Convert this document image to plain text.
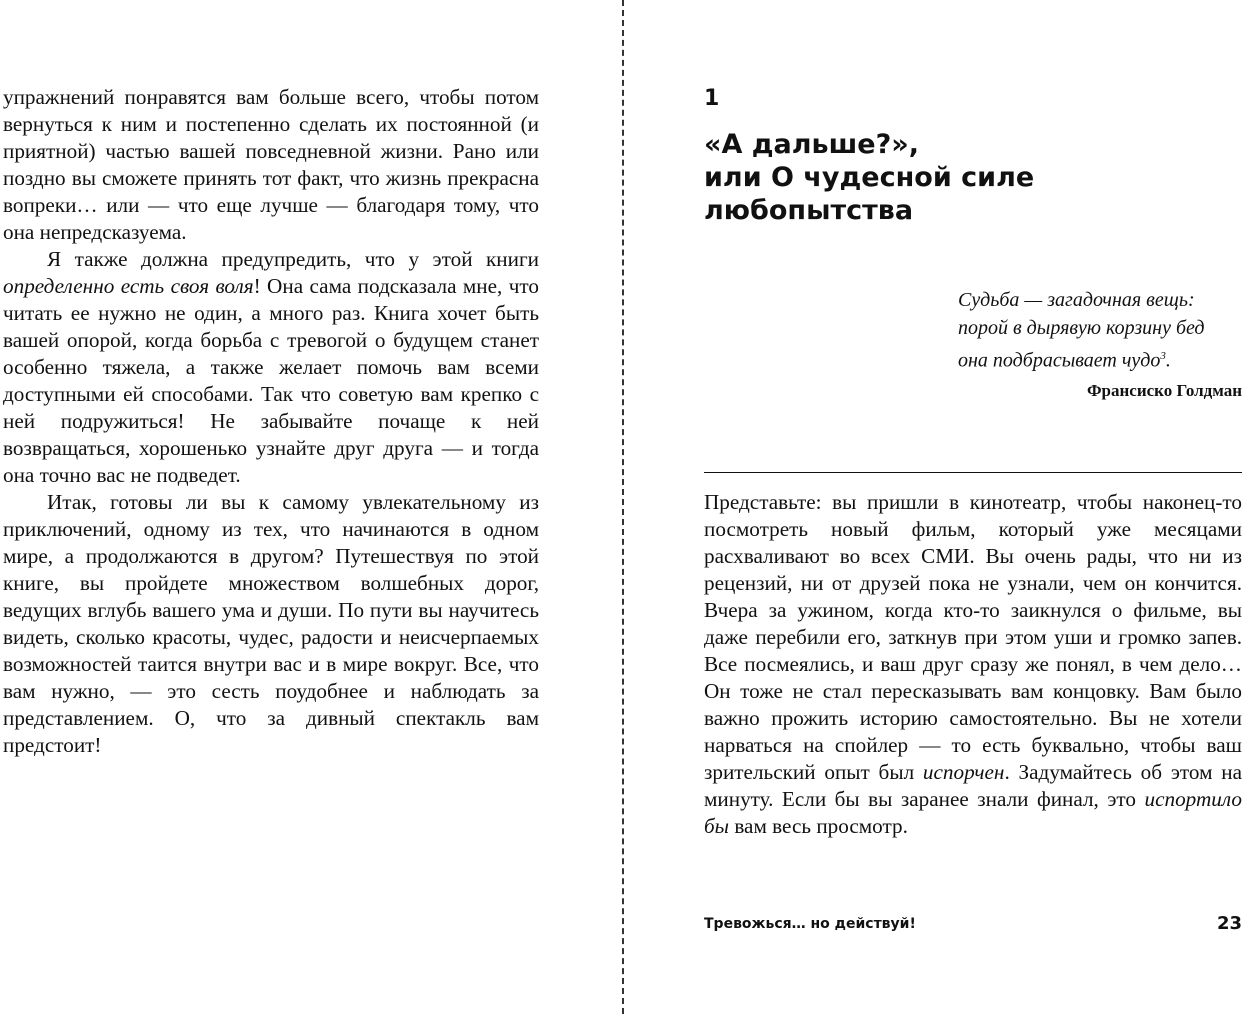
упражнений понравятся вам больше всего, чтобы потом вернуться к ним и постепенно сделать их постоянной (и приятной) частью вашей повседневной жизни. Рано или поздно вы сможете принять тот факт, что жизнь прекрасна вопреки… или — что еще лучше — благодаря тому, что она непредсказуема.

Я также должна предупредить, что у этой книги определенно есть своя воля! Она сама подсказала мне, что читать ее нужно не один, а много раз. Книга хочет быть вашей опорой, когда борьба с тревогой о будущем станет особенно тяжела, а также желает помочь вам всеми доступными ей способами. Так что советую вам крепко с ней подружиться! Не забывайте почаще к ней возвращаться, хорошенько узнайте друг друга — и тогда она точно вас не подведет.

Итак, готовы ли вы к самому увлекательному из приключений, одному из тех, что начинаются в одном мире, а продолжаются в другом? Путешествуя по этой книге, вы пройдете множеством волшебных дорог, ведущих вглубь вашего ума и души. По пути вы научитесь видеть, сколько красоты, чудес, радости и неисчерпаемых возможностей таится внутри вас и в мире вокруг. Все, что вам нужно, — это сесть поудобнее и наблюдать за представлением. О, что за дивный спектакль вам предстоит!

1
«А дальше?»,
или О чудесной силе
любопытства

Судьба — загадочная вещь:
порой в дырявую корзину бед
она подбрасывает чудо$^3$.

Франсиско Голдман

Представьте: вы пришли в кинотеатр, чтобы наконец-то посмотреть новый фильм, который уже месяцами расхваливают во всех СМИ. Вы очень рады, что ни из рецензий, ни от друзей пока не узнали, чем он кончится. Вчера за ужином, когда кто-то заикнулся о фильме, вы даже перебили его, заткнув при этом уши и громко запев. Все посмеялись, и ваш друг сразу же понял, в чем дело… Он тоже не стал пересказывать вам концовку. Вам было важно прожить историю самостоятельно. Вы не хотели нарваться на спойлер — то есть буквально, чтобы ваш зрительский опыт был испорчен. Задумайтесь об этом на минуту. Если бы вы заранее знали финал, это испортило бы вам весь просмотр.

Тревожься… но действуй!	23
